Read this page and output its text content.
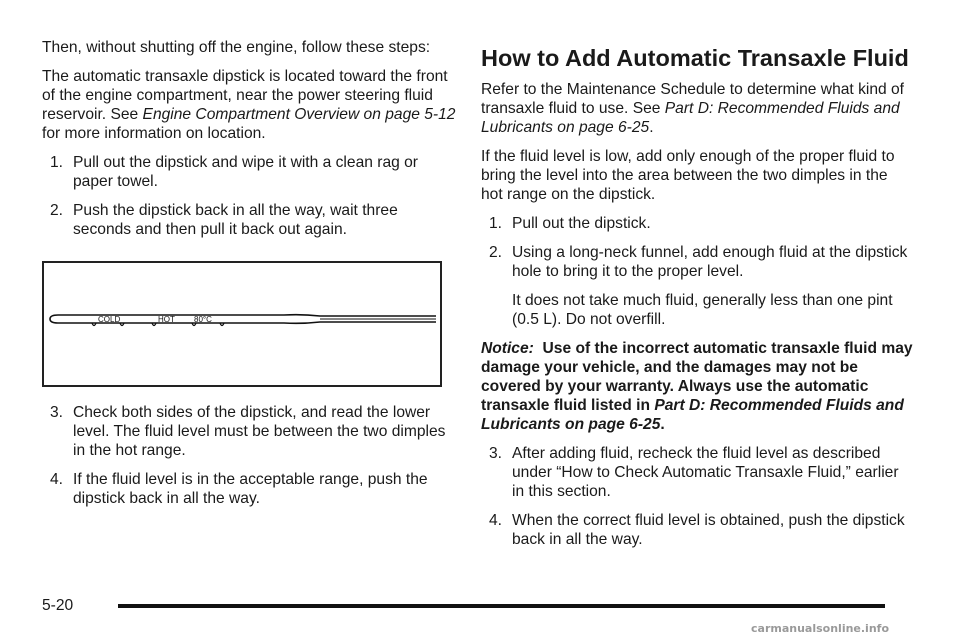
Then, without shutting off the engine, follow these steps:

The automatic transaxle dipstick is located toward the front of the engine compartment, near the power steering fluid reservoir. See Engine Compartment Overview on page 5-12 for more information on location.

1. Pull out the dipstick and wipe it with a clean rag or paper towel.
2. Push the dipstick back in all the way, wait three seconds and then pull it back out again.
COLD	HOT 80°C
3. Check both sides of the dipstick, and read the lower level. The fluid level must be between the two dimples in the hot range.
4. If the fluid level is in the acceptable range, push the dipstick back in all the way.
How to Add Automatic Transaxle Fluid

Refer to the Maintenance Schedule to determine what kind of transaxle fluid to use. See Part D: Recommended Fluids and Lubricants on page 6-25.

If the fluid level is low, add only enough of the proper fluid to bring the level into the area between the two dimples in the hot range on the dipstick.

1. Pull out the dipstick.
2. Using a long-neck funnel, add enough fluid at the dipstick hole to bring it to the proper level.

It does not take much fluid, generally less than one pint (0.5 L). Do not overfill.

Notice: Use of the incorrect automatic transaxle fluid may damage your vehicle, and the damages may not be covered by your warranty. Always use the automatic transaxle fluid listed in Part D: Recommended Fluids and Lubricants on page 6-25.

3. After adding fluid, recheck the fluid level as described under “How to Check Automatic Transaxle Fluid,” earlier in this section.
4. When the correct fluid level is obtained, push the dipstick back in all the way.
5-20
carmanualsonline.info
